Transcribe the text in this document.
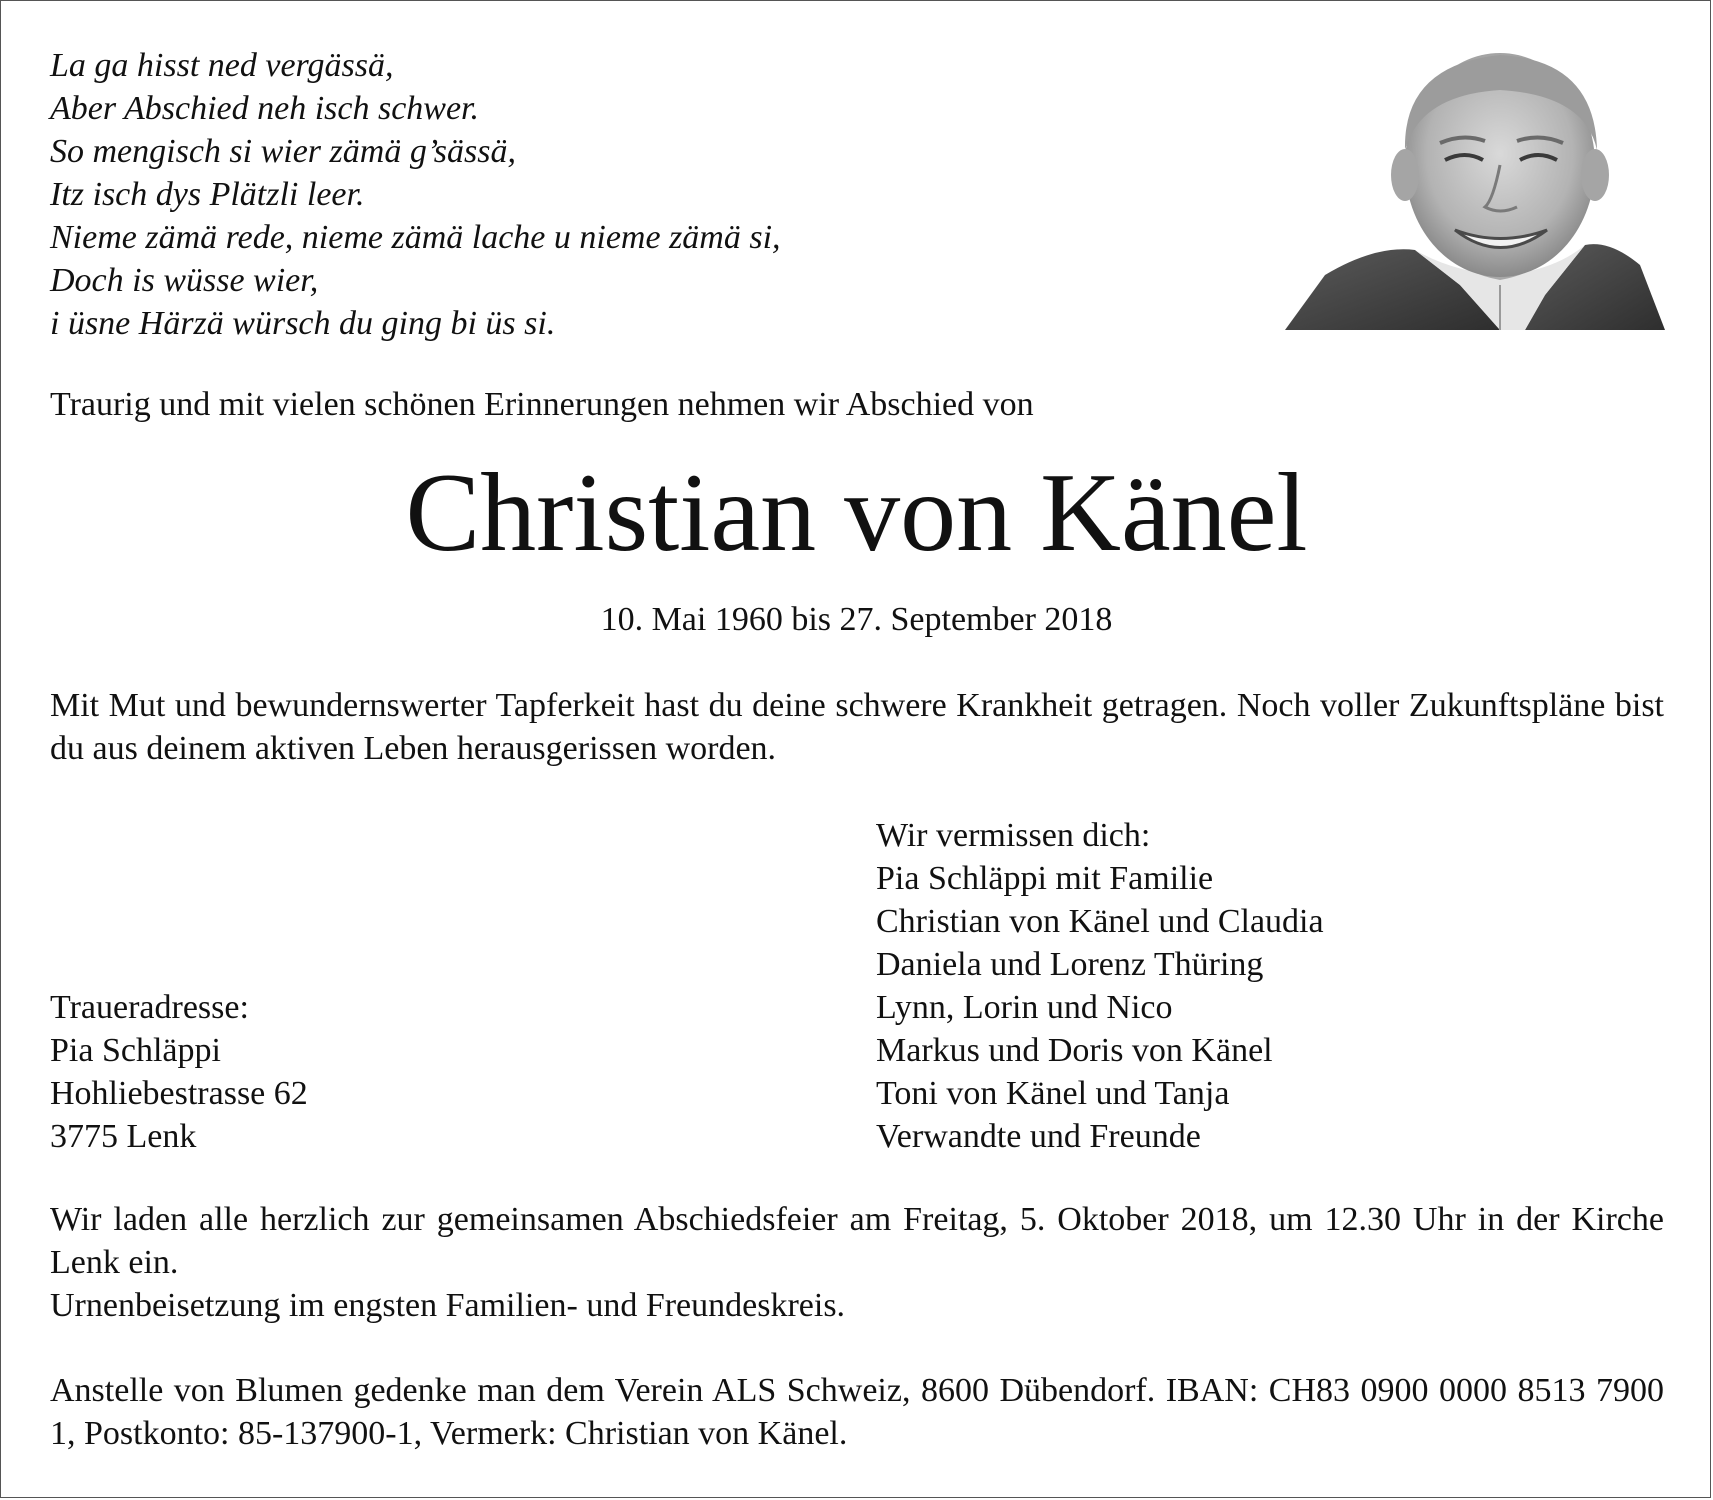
La ga hisst ned vergässä,
Aber Abschied neh isch schwer.
So mengisch si wier zämä g’sässä,
Itz isch dys Plätzli leer.
Nieme zämä rede, nieme zämä lache u nieme zämä si,
Doch is wüsse wier,
i üsne Härzä würsch du ging bi üs si.
Traurig und mit vielen schönen Erinnerungen nehmen wir Abschied von
Christian von Känel
10. Mai 1960 bis 27. September 2018
Mit Mut und bewundernswerter Tapferkeit hast du deine schwere Krankheit getragen. Noch voller Zukunftspläne bist du aus deinem aktiven Leben herausgerissen worden.
Wir vermissen dich:
Pia Schläppi mit Familie
Christian von Känel und Claudia
Daniela und Lorenz Thüring
Lynn, Lorin und Nico
Markus und Doris von Känel
Toni von Känel und Tanja
Verwandte und Freunde
Traueradresse:
Pia Schläppi
Hohliebestrasse 62
3775 Lenk
Wir laden alle herzlich zur gemeinsamen Abschiedsfeier am Freitag, 5. Oktober 2018, um 12.30 Uhr in der Kirche Lenk ein.
Urnenbeisetzung im engsten Familien- und Freundeskreis.
Anstelle von Blumen gedenke man dem Verein ALS Schweiz, 8600 Dübendorf. IBAN: CH83 0900 0000 8513 7900 1, Postkonto: 85-137900-1, Vermerk: Christian von Känel.
